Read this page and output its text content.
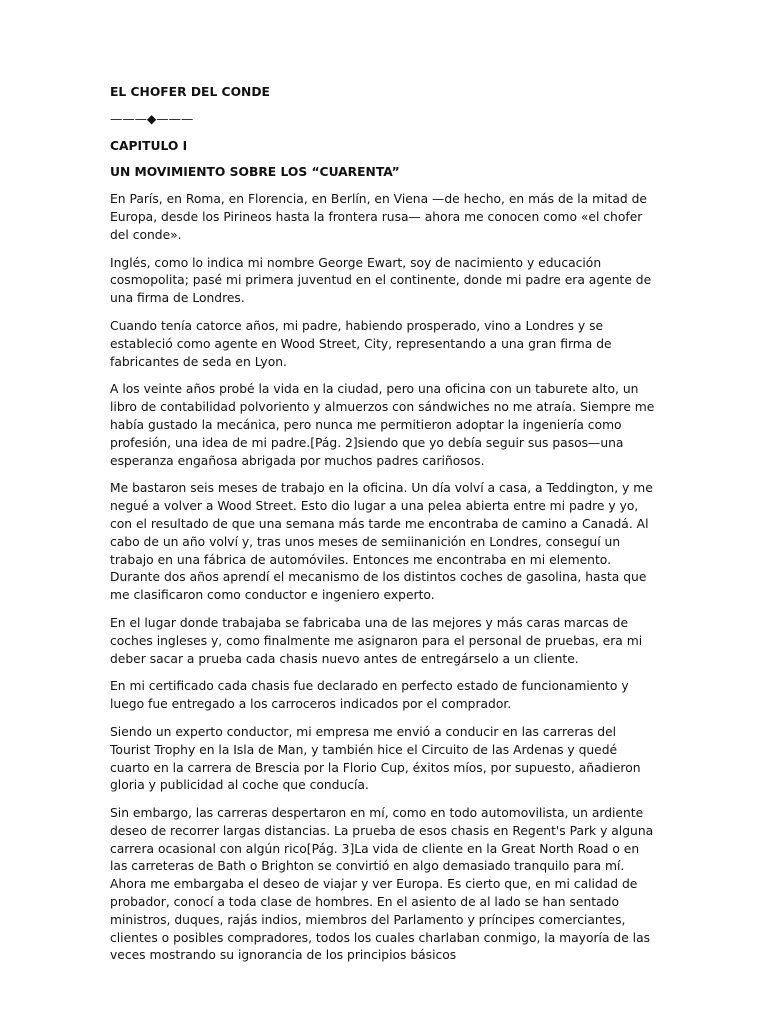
EL CHOFER DEL CONDE
———◆———
CAPITULO I
UN MOVIMIENTO SOBRE LOS “CUARENTA”

En París, en Roma, en Florencia, en Berlín, en Viena —de hecho, en más de la mitad de Europa, desde los Pirineos hasta la frontera rusa— ahora me conocen como «el chofer del conde».

Inglés, como lo indica mi nombre George Ewart, soy de nacimiento y educación cosmopolita; pasé mi primera juventud en el continente, donde mi padre era agente de una firma de Londres.

Cuando tenía catorce años, mi padre, habiendo prosperado, vino a Londres y se estableció como agente en Wood Street, City, representando a una gran firma de fabricantes de seda en Lyon.

A los veinte años probé la vida en la ciudad, pero una oficina con un taburete alto, un libro de contabilidad polvoriento y almuerzos con sándwiches no me atraía. Siempre me había gustado la mecánica, pero nunca me permitieron adoptar la ingeniería como profesión, una idea de mi padre.[Pág. 2]siendo que yo debía seguir sus pasos—una esperanza engañosa abrigada por muchos padres cariñosos.

Me bastaron seis meses de trabajo en la oficina. Un día volví a casa, a Teddington, y me negué a volver a Wood Street. Esto dio lugar a una pelea abierta entre mi padre y yo, con el resultado de que una semana más tarde me encontraba de camino a Canadá. Al cabo de un año volví y, tras unos meses de semiinanición en Londres, conseguí un trabajo en una fábrica de automóviles. Entonces me encontraba en mi elemento. Durante dos años aprendí el mecanismo de los distintos coches de gasolina, hasta que me clasificaron como conductor e ingeniero experto.

En el lugar donde trabajaba se fabricaba una de las mejores y más caras marcas de coches ingleses y, como finalmente me asignaron para el personal de pruebas, era mi deber sacar a prueba cada chasis nuevo antes de entregárselo a un cliente.

En mi certificado cada chasis fue declarado en perfecto estado de funcionamiento y luego fue entregado a los carroceros indicados por el comprador.

Siendo un experto conductor, mi empresa me envió a conducir en las carreras del Tourist Trophy en la Isla de Man, y también hice el Circuito de las Ardenas y quedé cuarto en la carrera de Brescia por la Florio Cup, éxitos míos, por supuesto, añadieron gloria y publicidad al coche que conducía.

Sin embargo, las carreras despertaron en mí, como en todo automovilista, un ardiente deseo de recorrer largas distancias. La prueba de esos chasis en Regent's Park y alguna carrera ocasional con algún rico[Pág. 3]La vida de cliente en la Great North Road o en las carreteras de Bath o Brighton se convirtió en algo demasiado tranquilo para mí. Ahora me embargaba el deseo de viajar y ver Europa. Es cierto que, en mi calidad de probador, conocí a toda clase de hombres. En el asiento de al lado se han sentado ministros, duques, rajás indios, miembros del Parlamento y príncipes comerciantes, clientes o posibles compradores, todos los cuales charlaban conmigo, la mayoría de las veces mostrando su ignorancia de los principios básicos
